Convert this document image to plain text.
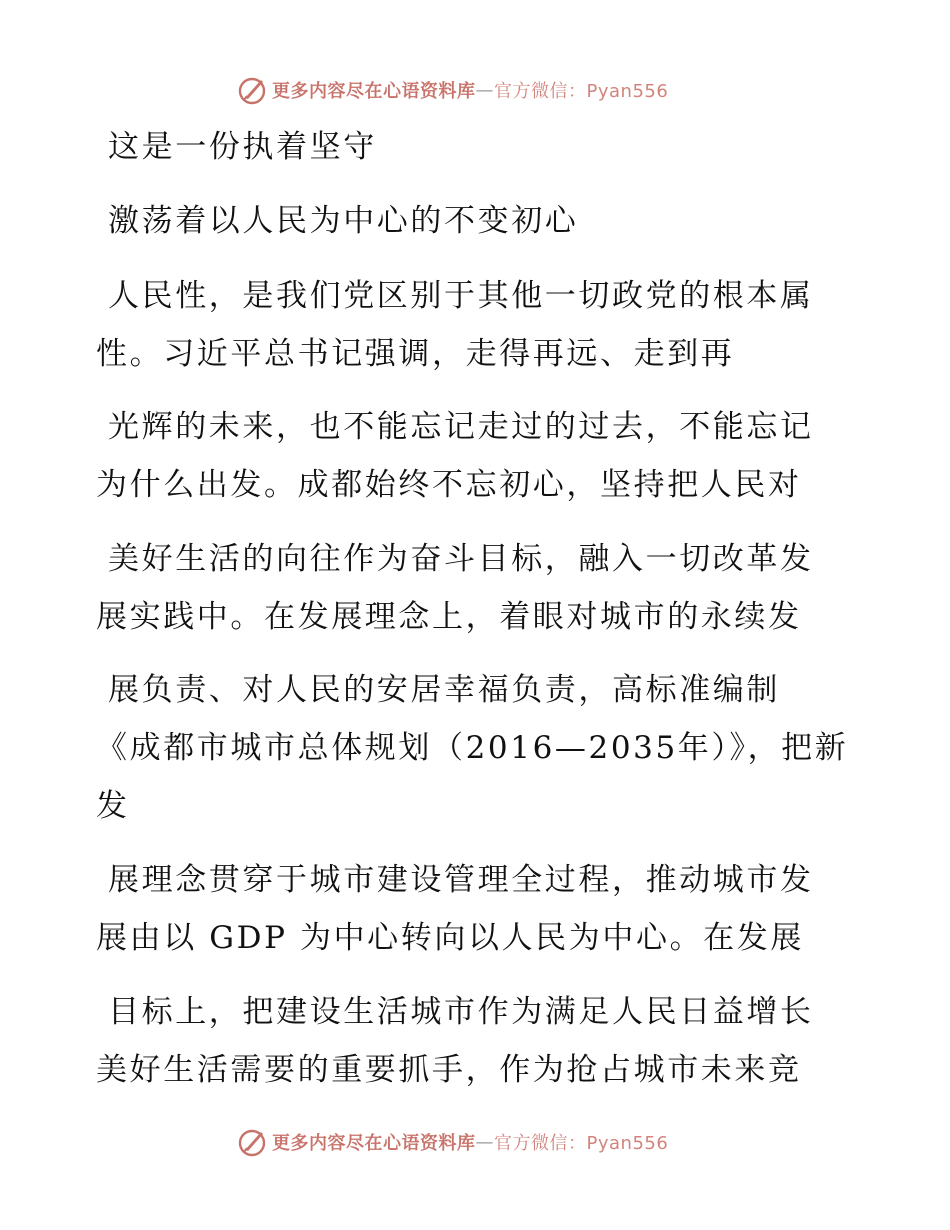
更多内容尽在心语资料库 — 官方微信：Pyan556
这是一份执着坚守
激荡着以人民为中心的不变初心
人民性，是我们党区别于其他一切政党的根本属
性。习近平总书记强调，走得再远、走到再
光辉的未来，也不能忘记走过的过去，不能忘记
为什么出发。成都始终不忘初心，坚持把人民对
美好生活的向往作为奋斗目标，融入一切改革发
展实践中。在发展理念上，着眼对城市的永续发
展负责、对人民的安居幸福负责，高标准编制
《成都市城市总体规划（2016—2035年）》，把新
发
展理念贯穿于城市建设管理全过程，推动城市发
展由以 GDP 为中心转向以人民为中心。在发展
目标上，把建设生活城市作为满足人民日益增长
美好生活需要的重要抓手，作为抢占城市未来竞
更多内容尽在心语资料库 — 官方微信：Pyan556
